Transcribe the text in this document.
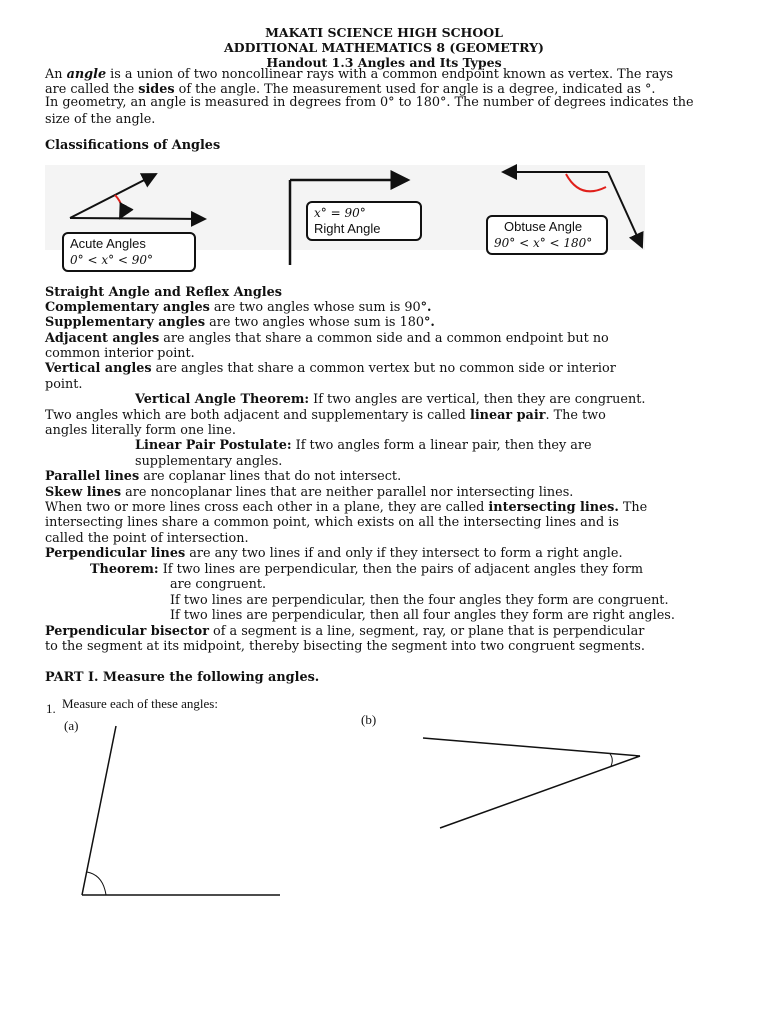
MAKATI SCIENCE HIGH SCHOOL
ADDITIONAL MATHEMATICS 8 (GEOMETRY)
Handout 1.3 Angles and Its Types
An angle is a union of two noncollinear rays with a common endpoint known as vertex. The rays
are called the sides of the angle. The measurement used for angle is a degree, indicated as °.
In geometry, an angle is measured in degrees from 0° to 180°. The number of degrees indicates the
size of the angle.
Classifications of Angles
Acute Angles
0° < x° < 90°
x° = 90°
Right Angle	Obtuse Angle
90° < x° < 180°
Straight Angle and Reflex Angles
Complementary angles are two angles whose sum is 90°.
Supplementary angles are two angles whose sum is 180°.
Adjacent angles are angles that share a common side and a common endpoint but no
common interior point.
Vertical angles are angles that share a common vertex but no common side or interior
point.
Vertical Angle Theorem: If two angles are vertical, then they are congruent.
Two angles which are both adjacent and supplementary is called linear pair. The two
angles literally form one line.
Linear Pair Postulate: If two angles form a linear pair, then they are
supplementary angles.
Parallel lines are coplanar lines that do not intersect.
Skew lines are noncoplanar lines that are neither parallel nor intersecting lines.
When two or more lines cross each other in a plane, they are called intersecting lines. The
intersecting lines share a common point, which exists on all the intersecting lines and is
called the point of intersection.
Perpendicular lines are any two lines if and only if they intersect to form a right angle.
Theorem: If two lines are perpendicular, then the pairs of adjacent angles they form
are congruent.
If two lines are perpendicular, then the four angles they form are congruent.
If two lines are perpendicular, then all four angles they form are right angles.
Perpendicular bisector of a segment is a line, segment, ray, or plane that is perpendicular
to the segment at its midpoint, thereby bisecting the segment into two congruent segments.
PART I. Measure the following angles.
1. Measure each of these angles:
(a)	(b)
